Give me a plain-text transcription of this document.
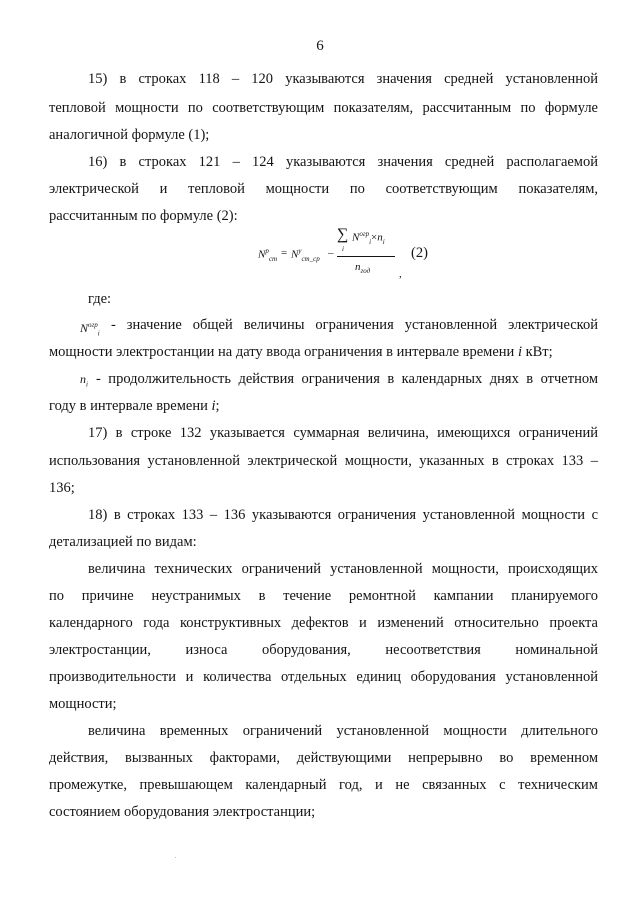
6
15) в строках 118 – 120 указываются значения средней установленной
тепловой мощности по соответствующим показателям, рассчитанным по формуле
аналогичной формуле (1);
16) в строках 121 – 124 указываются значения средней располагаемой
электрической и тепловой мощности по соответствующим показателям,
рассчитанным по формуле (2):
$N^р_{ст} = N^у_{ст\_ср}$ –
∑
i
$N^{огр}_i\times n_i$
$n_{год}$	,
(2)
где:
$N^{огр}_i$
- значение общей величины ограничения установленной электрической
мощности электростанции на дату ввода ограничения в интервале времени i кВт;
$n_i$ - продолжительность действия ограничения в календарных днях в отчетном
году в интервале времени i;
17) в строке 132 указывается суммарная величина, имеющихся ограничений
использования установленной электрической мощности, указанных в строках 133 –
136;
18) в строках 133 – 136 указываются ограничения установленной мощности с
детализацией по видам:
величина технических ограничений установленной мощности, происходящих
по причине неустранимых в течение ремонтной кампании планируемого
календарного года конструктивных дефектов и изменений относительно проекта
электростанции, износа оборудования, несоответствия номинальной
производительности и количества отдельных единиц оборудования установленной
мощности;
величина временных ограничений установленной мощности длительного
действия, вызванных факторами, действующими непрерывно во временном
промежутке, превышающем календарный год, и не связанных с техническим
состоянием оборудования электростанции;
